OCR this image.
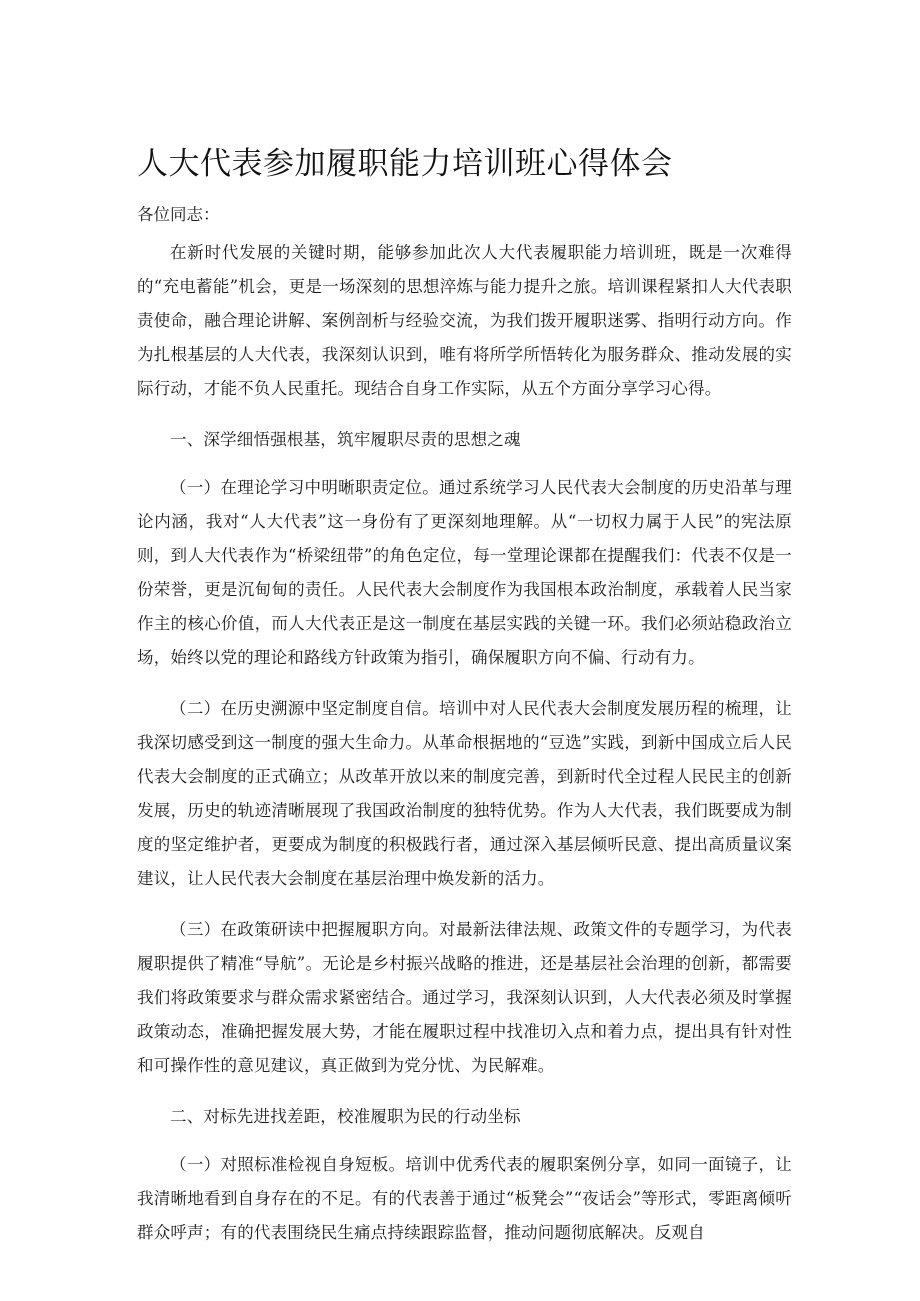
人大代表参加履职能力培训班心得体会
各位同志：

在新时代发展的关键时期，能够参加此次人大代表履职能力培训班，既是一次难得的“充电蓄能”机会，更是一场深刻的思想淬炼与能力提升之旅。培训课程紧扣人大代表职责使命，融合理论讲解、案例剖析与经验交流，为我们拨开履职迷雾、指明行动方向。作为扎根基层的人大代表，我深刻认识到，唯有将所学所悟转化为服务群众、推动发展的实际行动，才能不负人民重托。现结合自身工作实际，从五个方面分享学习心得。

一、深学细悟强根基，筑牢履职尽责的思想之魂

（一）在理论学习中明晰职责定位。通过系统学习人民代表大会制度的历史沿革与理论内涵，我对“人大代表”这一身份有了更深刻地理解。从“一切权力属于人民”的宪法原则，到人大代表作为“桥梁纽带”的角色定位，每一堂理论课都在提醒我们：代表不仅是一份荣誉，更是沉甸甸的责任。人民代表大会制度作为我国根本政治制度，承载着人民当家作主的核心价值，而人大代表正是这一制度在基层实践的关键一环。我们必须站稳政治立场，始终以党的理论和路线方针政策为指引，确保履职方向不偏、行动有力。

（二）在历史溯源中坚定制度自信。培训中对人民代表大会制度发展历程的梳理，让我深切感受到这一制度的强大生命力。从革命根据地的“豆选”实践，到新中国成立后人民代表大会制度的正式确立；从改革开放以来的制度完善，到新时代全过程人民民主的创新发展，历史的轨迹清晰展现了我国政治制度的独特优势。作为人大代表，我们既要成为制度的坚定维护者，更要成为制度的积极践行者，通过深入基层倾听民意、提出高质量议案建议，让人民代表大会制度在基层治理中焕发新的活力。

（三）在政策研读中把握履职方向。对最新法律法规、政策文件的专题学习，为代表履职提供了精准“导航”。无论是乡村振兴战略的推进，还是基层社会治理的创新，都需要我们将政策要求与群众需求紧密结合。通过学习，我深刻认识到，人大代表必须及时掌握政策动态，准确把握发展大势，才能在履职过程中找准切入点和着力点，提出具有针对性和可操作性的意见建议，真正做到为党分忧、为民解难。

二、对标先进找差距，校准履职为民的行动坐标

（一）对照标准检视自身短板。培训中优秀代表的履职案例分享，如同一面镜子，让我清晰地看到自身存在的不足。有的代表善于通过“板凳会”“夜话会”等形式，零距离倾听群众呼声；有的代表围绕民生痛点持续跟踪监督，推动问题彻底解决。反观自
